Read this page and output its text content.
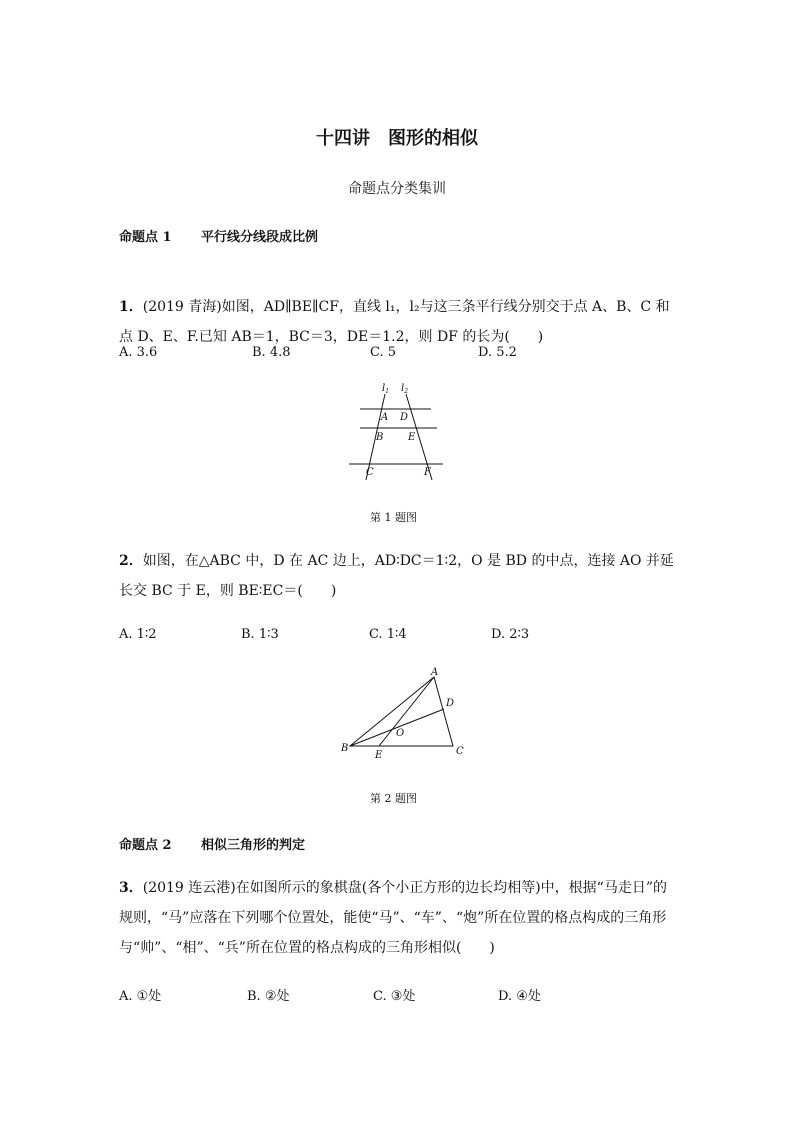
十四讲　图形的相似
命题点分类集训
命题点 1 平行线分线段成比例
1．(2019 青海)如图，AD∥BE∥CF，直线 l₁，l₂与这三条平行线分别交于点 A、B、C 和点 D、E、F.已知 AB＝1，BC＝3，DE＝1.2，则 DF 的长为(　　)
A. 3.6	B. 4.8	C. 5	D. 5.2
$l_1$ $l_2$
A D
B E
C	F
第 1 题图
2．如图，在△ABC 中，D 在 AC 边上，AD∶DC＝1∶2，O 是 BD 的中点，连接 AO 并延长交 BC 于 E，则 BE∶EC＝(　　)
A. 1∶2	B. 1∶3	C. 1∶4	D. 2∶3
A
D
O
B
E	C
第 2 题图
命题点 2 相似三角形的判定
3．(2019 连云港)在如图所示的象棋盘(各个小正方形的边长均相等)中，根据“马走日”的规则，“马”应落在下列哪个位置处，能使“马”、“车”、“炮”所在位置的格点构成的三角形与“帅”、“相”、“兵”所在位置的格点构成的三角形相似(　　)
A. ①处	B. ②处	C. ③处	D. ④处
